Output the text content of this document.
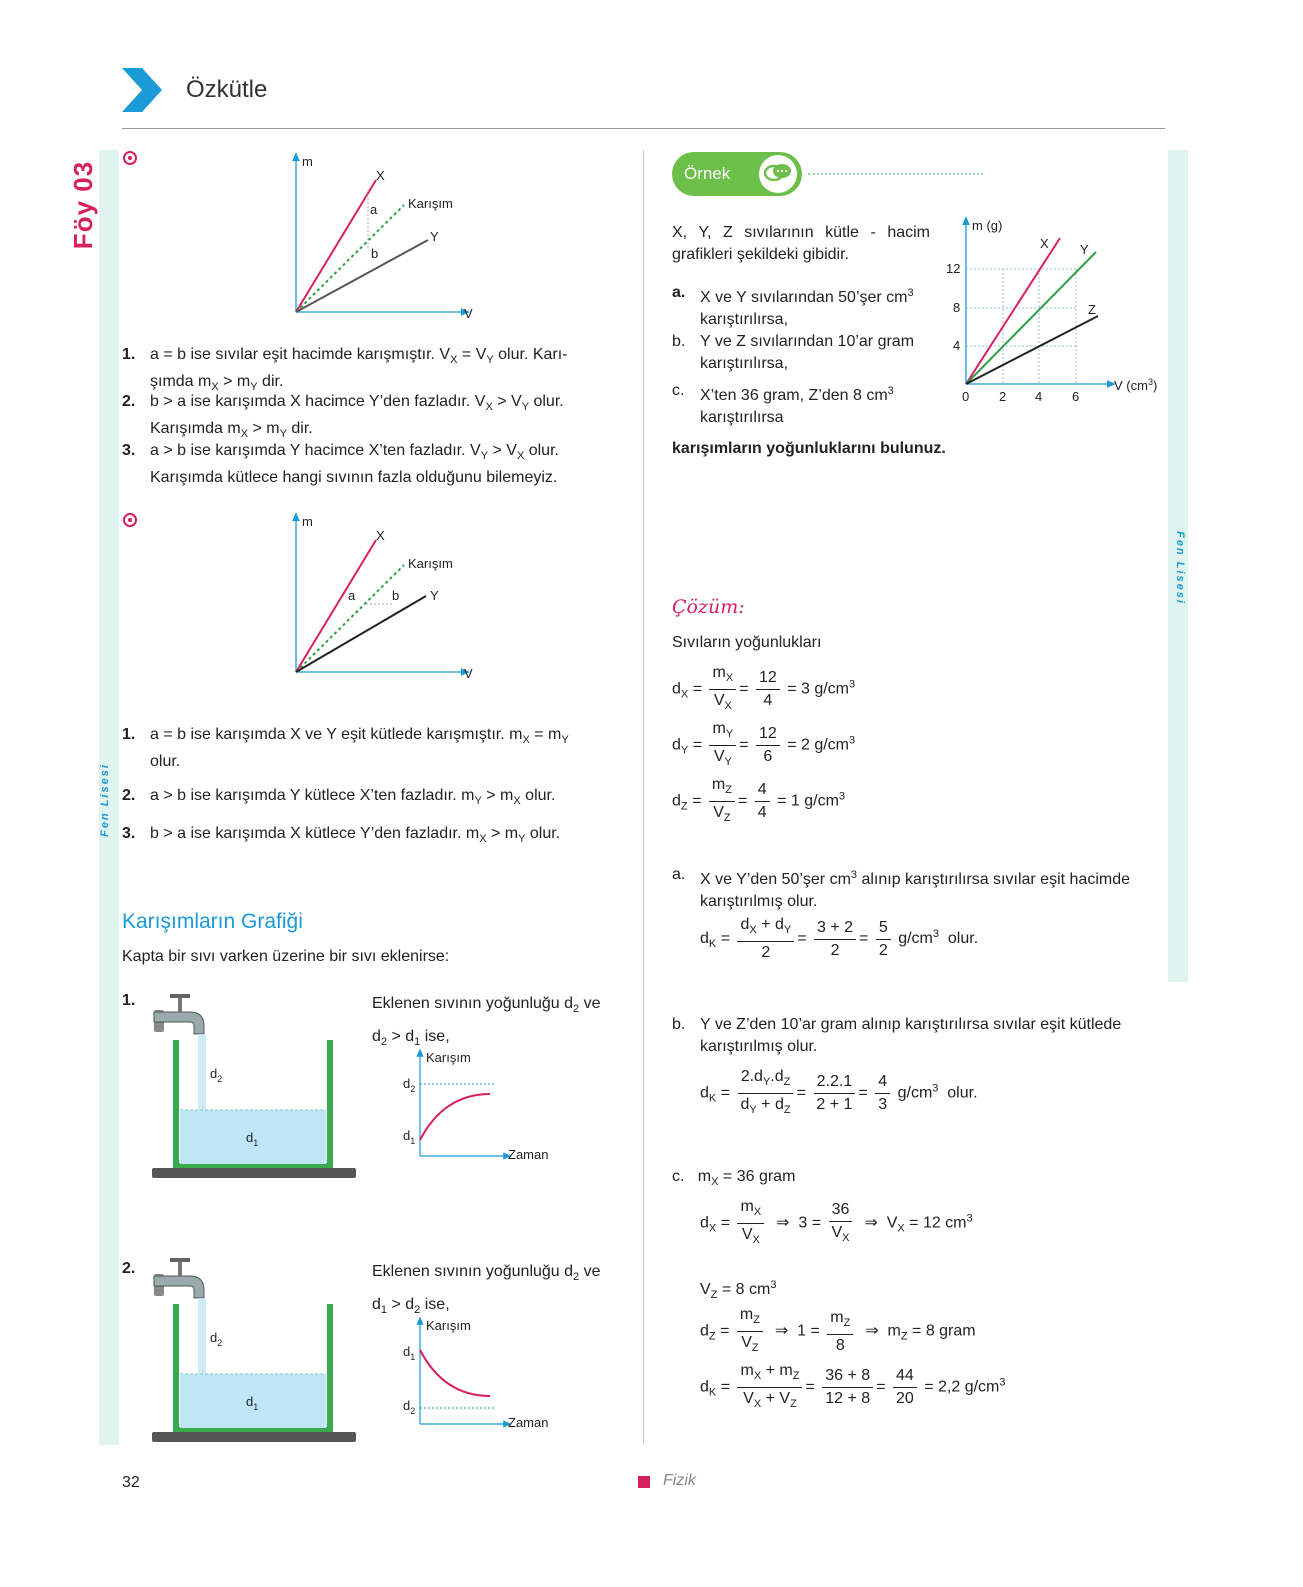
Özkütle
Föy 03
Fen Lisesi
Fen Lisesi
m
V
X
Karışım
Y
a
b
1. a = b ise sıvılar eşit hacimde karışmıştır. $V_X = V_Y$ olur. Karı-
şımda $m_X > m_Y$ dir.
2. b > a ise karışımda X hacimce Y’den fazladır. $V_X > V_Y$ olur.
Karışımda $m_X > m_Y$ dir.
3. a > b ise karışımda Y hacimce X’ten fazladır. $V_Y > V_X$ olur.
Karışımda kütlece hangi sıvının fazla olduğunu bilemeyiz.
m
V
X
Karışım
Y
a	b
1. a = b ise karışımda X ve Y eşit kütlede karışmıştır. $m_X = m_Y$
olur.
2. a > b ise karışımda Y kütlece X’ten fazladır. $m_Y > m_X$ olur.
3. b > a ise karışımda X kütlece Y’den fazladır. $m_X > m_Y$ olur.
Karışımların Grafiği
Kapta bir sıvı varken üzerine bir sıvı eklenirse:
1.
$d_2$
$d_1$
Eklenen sıvının yoğunluğu $d_2$ ve
$d_2 > d_1$ ise,
Karışım
Zaman
$d_2$
$d_1$
2.
$d_2$
$d_1$
Eklenen sıvının yoğunluğu $d_2$ ve
$d_1 > d_2$ ise,
Karışım
Zaman
$d_1$
$d_2$
Örnek
X, Y, Z sıvılarının kütle - hacim
grafikleri şekildeki gibidir.
a. X ve Y sıvılarından 50’şer $cm^3$
karıştırılırsa,
b. Y ve Z sıvılarından 10’ar gram
karıştırılırsa,
c. X’ten 36 gram, Z’den 8 $cm^3$
karıştırılırsa
karışımların yoğunluklarını bulunuz.
m (g)
V $(cm^3)$
12
8
4
0 2 4 6
X Y
Z
Çözüm:
Sıvıların yoğunlukları
$d_X = \frac{m_X}{V_X} = \frac{12}{4} = 3$ $g/cm^3$
$d_Y = \frac{m_Y}{V_Y} = \frac{12}{6} = 2$ $g/cm^3$
$d_Z = \frac{m_Z}{V_Z} = \frac{4}{4} = 1$ $g/cm^3$
a. X ve Y’den 50’şer $cm^3$ alınıp karıştırılırsa sıvılar eşit hacimde
karıştırılmış olur.
$d_K = \frac{d_X + d_Y}{2} = \frac{3 + 2}{2} = \frac{5}{2} g/cm^3$ olur.
b. Y ve Z’den 10’ar gram alınıp karıştırılırsa sıvılar eşit kütlede
karıştırılmış olur.
$d_K = \frac{2.d_Y.d_Z}{d_Y + d_Z} = \frac{2.2.1}{2 + 1} = \frac{4}{3} g/cm^3$ olur.
c. $m_X = 36$ gram
$d_X = \frac{m_X}{V_X}$ ⇒ $3 = \frac{36}{V_X}$ ⇒ $V_X = 12$ $cm^3$
$V_Z = 8$ $cm^3$
$d_Z = \frac{m_Z}{V_Z}$ ⇒ $1 = \frac{m_Z}{8}$ ⇒ $m_Z = 8$ gram
$d_K = \frac{m_X + m_Z}{V_X + V_Z} = \frac{36 + 8}{12 + 8} = \frac{44}{20} = 2,2$ $g/cm^3$
32	Fizik
